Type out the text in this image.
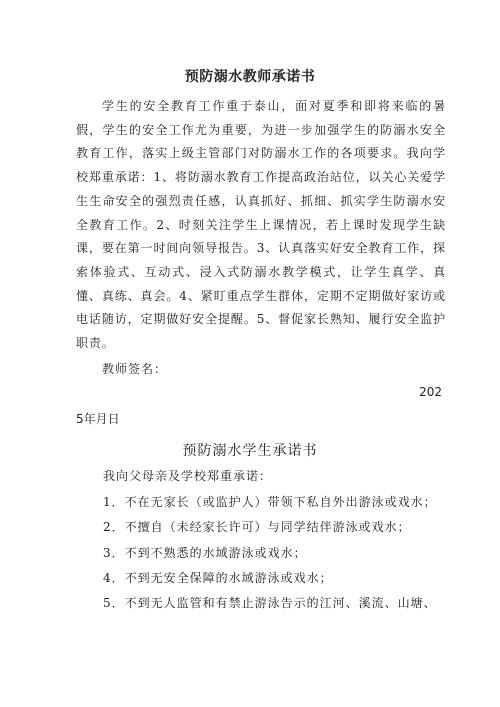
预防溺水教师承诺书

学生的安全教育工作重于泰山，面对夏季和即将来临的暑假，学生的安全工作尤为重要，为进一步加强学生的防溺水安全教育工作，落实上级主管部门对防溺水工作的各项要求。我向学校郑重承诺：1、将防溺水教育工作提高政治站位，以关心关爱学生生命安全的强烈责任感，认真抓好、抓细、抓实学生防溺水安全教育工作。2、时刻关注学生上课情况，若上课时发现学生缺课，要在第一时间向领导报告。3、认真落实好安全教育工作，探索体验式、互动式、浸入式防溺水教学模式，让学生真学、真懂、真练、真会。4、紧盯重点学生群体，定期不定期做好家访或电话随访，定期做好安全提醒。5、督促家长熟知、履行安全监护职责。

教师签名：
202
5年月日
预防溺水学生承诺书
我向父母亲及学校郑重承诺：
1．不在无家长（或监护人）带领下私自外出游泳或戏水；
2．不擅自（未经家长许可）与同学结伴游泳或戏水；
3．不到不熟悉的水域游泳或戏水；
4．不到无安全保障的水域游泳或戏水；
5．不到无人监管和有禁止游泳告示的江河、溪流、山塘、
